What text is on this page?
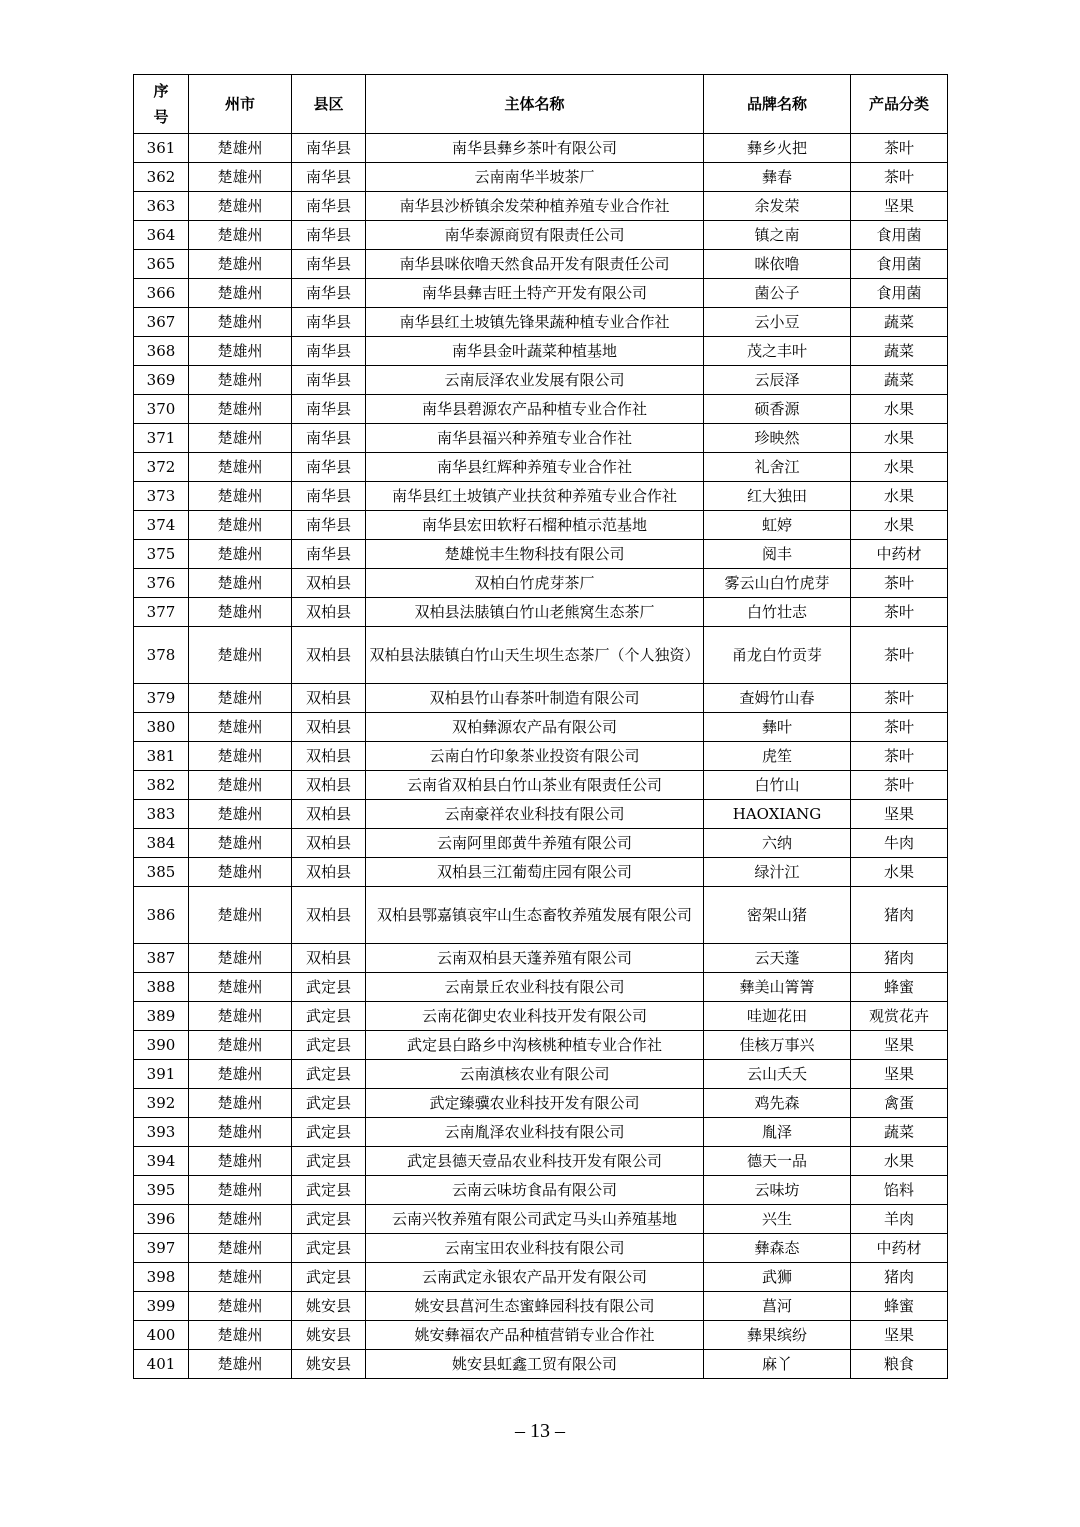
序号	州市	县区	主体名称	品牌名称	产品分类
361	楚雄州	南华县	南华县彝乡茶叶有限公司	彝乡火把	茶叶
362	楚雄州	南华县	云南南华半坡茶厂	彝春	茶叶
363	楚雄州	南华县	南华县沙桥镇余发荣种植养殖专业合作社	余发荣	坚果
364	楚雄州	南华县	南华泰源商贸有限责任公司	镇之南	食用菌
365	楚雄州	南华县	南华县咪依噜天然食品开发有限责任公司	咪依噜	食用菌
366	楚雄州	南华县	南华县彝吉旺土特产开发有限公司	菌公子	食用菌
367	楚雄州	南华县	南华县红土坡镇先锋果蔬种植专业合作社	云小豆	蔬菜
368	楚雄州	南华县	南华县金叶蔬菜种植基地	茂之丰叶	蔬菜
369	楚雄州	南华县	云南辰泽农业发展有限公司	云辰泽	蔬菜
370	楚雄州	南华县	南华县碧源农产品种植专业合作社	硕香源	水果
371	楚雄州	南华县	南华县福兴种养殖专业合作社	珍映然	水果
372	楚雄州	南华县	南华县红辉种养殖专业合作社	礼舍江	水果
373	楚雄州	南华县	南华县红土坡镇产业扶贫种养殖专业合作社	红大独田	水果
374	楚雄州	南华县	南华县宏田软籽石榴种植示范基地	虹婷	水果
375	楚雄州	南华县	楚雄悦丰生物科技有限公司	阅丰	中药材
376	楚雄州	双柏县	双柏白竹虎芽茶厂	雾云山白竹虎芽	茶叶
377	楚雄州	双柏县	双柏县法脿镇白竹山老熊窝生态茶厂	白竹壮志	茶叶
378	楚雄州	双柏县	双柏县法脿镇白竹山天生坝生态茶厂（个人独资）	甬龙白竹贡芽	茶叶
379	楚雄州	双柏县	双柏县竹山春茶叶制造有限公司	查姆竹山春	茶叶
380	楚雄州	双柏县	双柏彝源农产品有限公司	彝叶	茶叶
381	楚雄州	双柏县	云南白竹印象茶业投资有限公司	虎笙	茶叶
382	楚雄州	双柏县	云南省双柏县白竹山茶业有限责任公司	白竹山	茶叶
383	楚雄州	双柏县	云南豪祥农业科技有限公司	HAOXIANG	坚果
384	楚雄州	双柏县	云南阿里郎黄牛养殖有限公司	六纳	牛肉
385	楚雄州	双柏县	双柏县三江葡萄庄园有限公司	绿汁江	水果
386	楚雄州	双柏县	双柏县鄂嘉镇哀牢山生态畜牧养殖发展有限公司	密架山猪	猪肉
387	楚雄州	双柏县	云南双柏县天蓬养殖有限公司	云天蓬	猪肉
388	楚雄州	武定县	云南景丘农业科技有限公司	彝美山箐箐	蜂蜜
389	楚雄州	武定县	云南花御史农业科技开发有限公司	哇迦花田	观赏花卉
390	楚雄州	武定县	武定县白路乡中沟核桃种植专业合作社	佳核万事兴	坚果
391	楚雄州	武定县	云南滇核农业有限公司	云山夭夭	坚果
392	楚雄州	武定县	武定臻骥农业科技开发有限公司	鸡先森	禽蛋
393	楚雄州	武定县	云南胤泽农业科技有限公司	胤泽	蔬菜
394	楚雄州	武定县	武定县德天壹品农业科技开发有限公司	德天一品	水果
395	楚雄州	武定县	云南云味坊食品有限公司	云味坊	馅料
396	楚雄州	武定县	云南兴牧养殖有限公司武定马头山养殖基地	兴生	羊肉
397	楚雄州	武定县	云南宝田农业科技有限公司	彝森态	中药材
398	楚雄州	武定县	云南武定永银农产品开发有限公司	武狮	猪肉
399	楚雄州	姚安县	姚安县菖河生态蜜蜂园科技有限公司	菖河	蜂蜜
400	楚雄州	姚安县	姚安彝福农产品种植营销专业合作社	彝果缤纷	坚果
401	楚雄州	姚安县	姚安县虹鑫工贸有限公司	麻丫	粮食
– 13 –
